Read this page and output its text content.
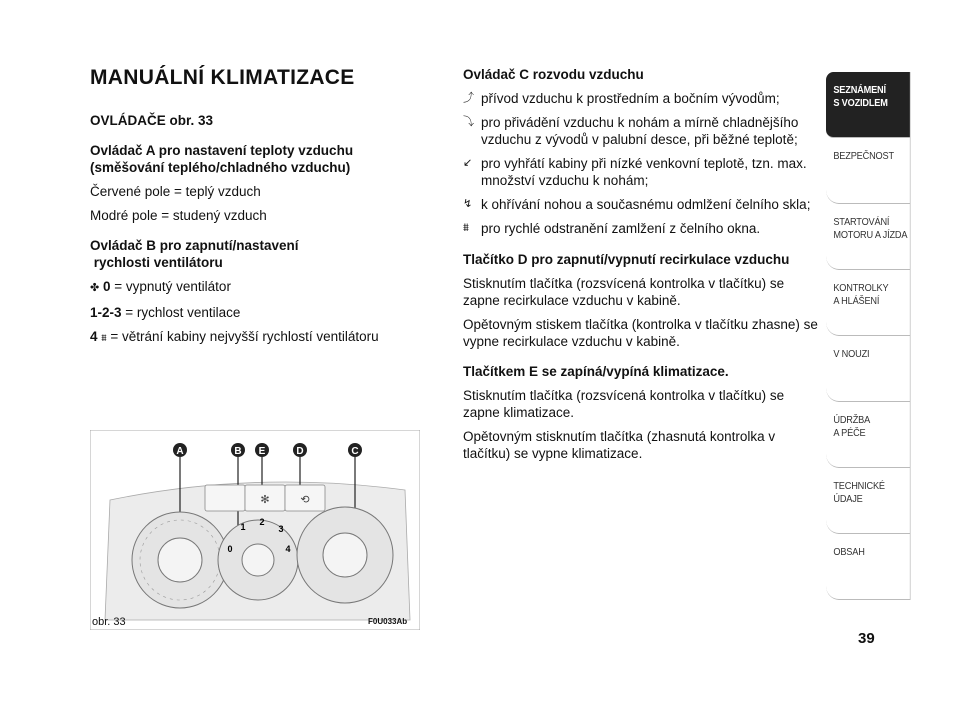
MANUÁLNÍ KLIMATIZACE

OVLÁDAČE obr. 33

Ovládač A pro nastavení teploty vzduchu (směšování teplého/chladného vzduchu)

Červené pole = teplý vzduch

Modré pole = studený vzduch

Ovládač B pro zapnutí/nastavení

rychlosti ventilátoru

✤ 0 = vypnutý ventilátor

1-2-3 = rychlost ventilace

4 ⩩ = větrání kabiny nejvyšší rychlostí ventilátoru

Ovládač C rozvodu vzduchu

⤴ přívod vzduchu k prostředním a bočním vývodům;
⤵ pro přivádění vzduchu k nohám a mírně chladnějšího vzduchu z vývodů v palubní desce, při běžné teplotě;
↙ pro vyhřátí kabiny při nízké venkovní teplotě, tzn. max. množství vzduchu k nohám;
↯ k ohřívání nohou a současnému odmlžení čelního skla;
⩩ pro rychlé odstranění zamlžení z čelního okna.

Tlačítko D pro zapnutí/vypnutí recirkulace vzduchu

Stisknutím tlačítka (rozsvícená kontrolka v tlačítku) se zapne recirkulace vzduchu v kabině.

Opětovným stiskem tlačítka (kontrolka v tlačítku zhasne) se vypne recirkulace vzduchu v kabině.

Tlačítkem E se zapíná/vypíná klimatizace.

Stisknutím tlačítka (rozsvícená kontrolka v tlačítku) se zapne klimatizace.

Opětovným stisknutím tlačítka (zhasnutá kontrolka v tlačítku) se vypne klimatizace.

A	B E	D	C
✻	⟲
0
1 2
3
4
obr. 33	F0U033Ab
SEZNÁMENÍ
S VOZIDLEM
BEZPEČNOST
STARTOVÁNÍ
MOTORU A JÍZDA
KONTROLKY
A HLÁŠENÍ
V NOUZI
ÚDRŽBA
A PÉČE
TECHNICKÉ
ÚDAJE
OBSAH
39
